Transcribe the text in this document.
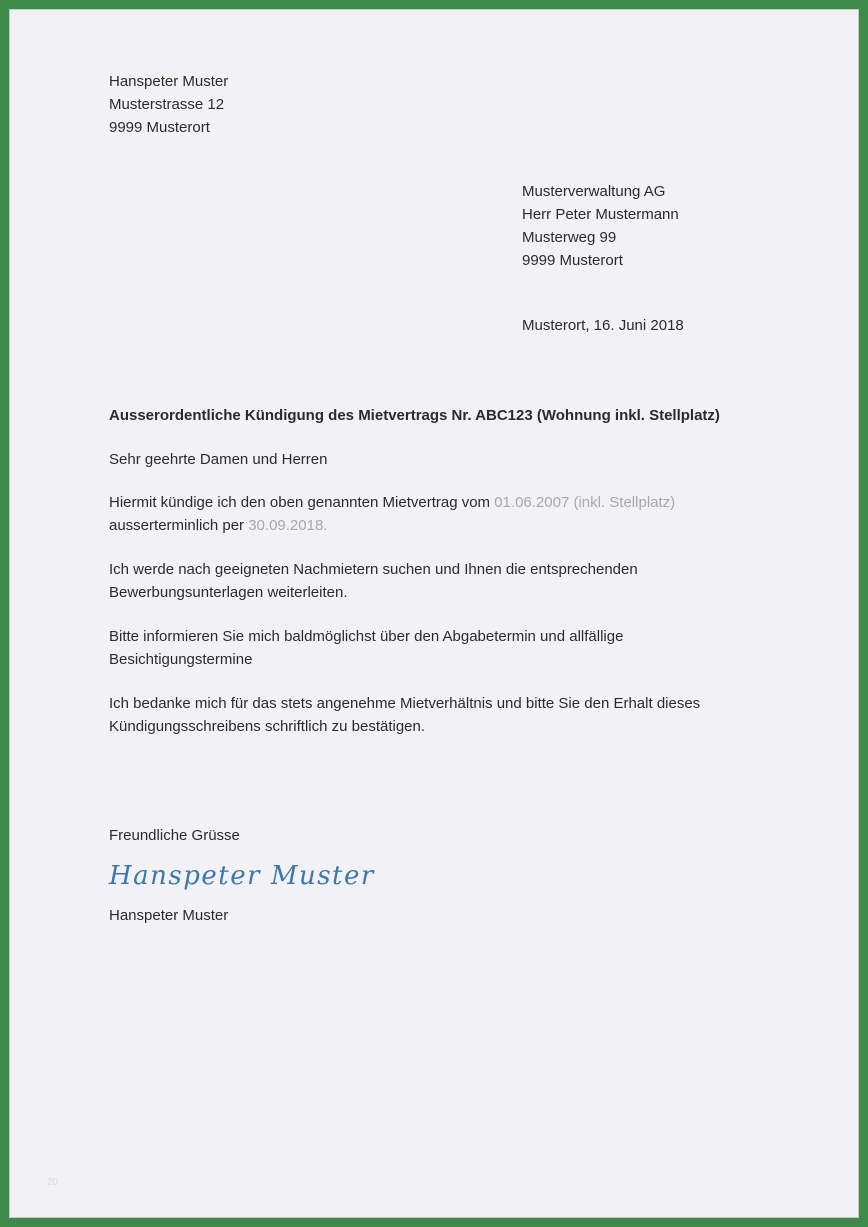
Hanspeter Muster
Musterstrasse 12
9999 Musterort
Musterverwaltung AG
Herr Peter Mustermann
Musterweg 99
9999 Musterort
Musterort, 16. Juni 2018
Ausserordentliche Kündigung des Mietvertrags Nr. ABC123 (Wohnung inkl. Stellplatz)
Sehr geehrte Damen und Herren

Hiermit kündige ich den oben genannten Mietvertrag vom 01.06.2007 (inkl. Stellplatz) ausserterminlich per 30.09.2018.

Ich werde nach geeigneten Nachmietern suchen und Ihnen die entsprechenden Bewerbungsunterlagen weiterleiten.

Bitte informieren Sie mich baldmöglichst über den Abgabetermin und allfällige Besichtigungstermine

Ich bedanke mich für das stets angenehme Mietverhältnis und bitte Sie den Erhalt dieses Kündigungsschreibens schriftlich zu bestätigen.

Freundliche Grüsse
Hanspeter Muster
Hanspeter Muster
20
